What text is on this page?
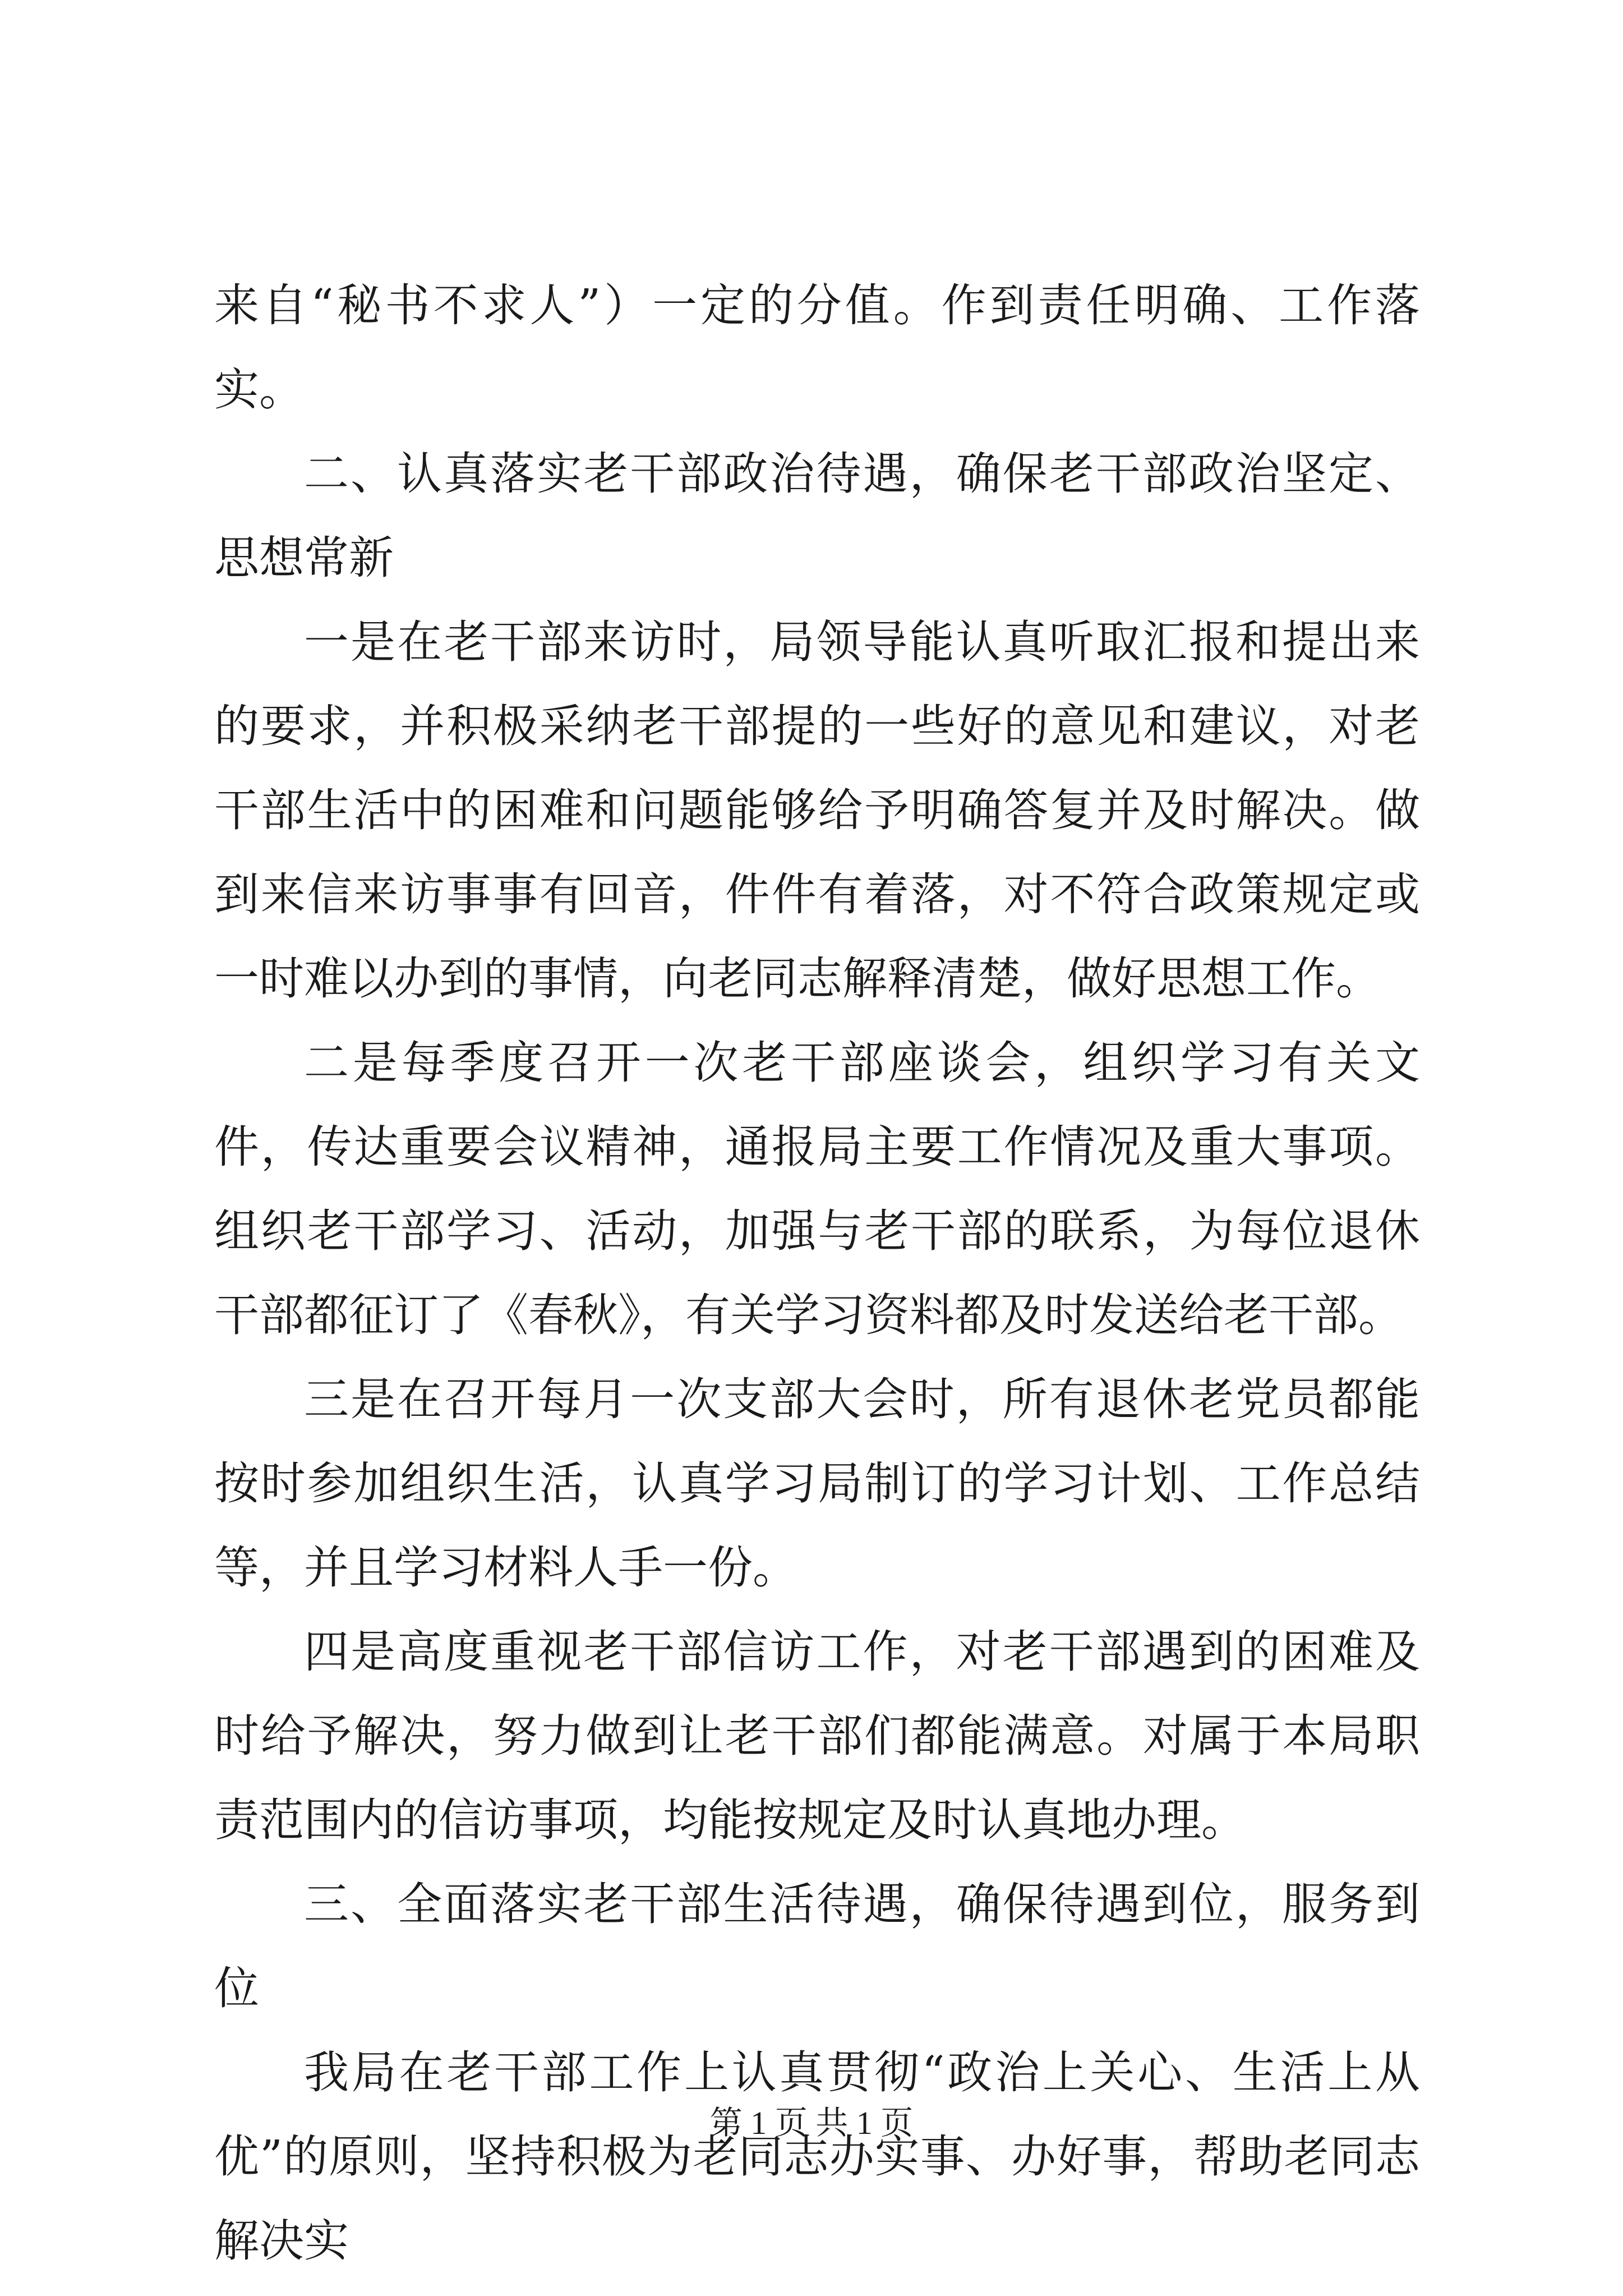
来自“秘书不求人”）一定的分值。作到责任明确、工作落实。

二、认真落实老干部政治待遇，确保老干部政治坚定、思想常新

一是在老干部来访时，局领导能认真听取汇报和提出来的要求，并积极采纳老干部提的一些好的意见和建议，对老干部生活中的困难和问题能够给予明确答复并及时解决。做到来信来访事事有回音，件件有着落，对不符合政策规定或一时难以办到的事情，向老同志解释清楚，做好思想工作。

二是每季度召开一次老干部座谈会，组织学习有关文件，传达重要会议精神，通报局主要工作情况及重大事项。组织老干部学习、活动，加强与老干部的联系，为每位退休干部都征订了《春秋》，有关学习资料都及时发送给老干部。

三是在召开每月一次支部大会时，所有退休老党员都能按时参加组织生活，认真学习局制订的学习计划、工作总结等，并且学习材料人手一份。

四是高度重视老干部信访工作，对老干部遇到的困难及时给予解决，努力做到让老干部们都能满意。对属于本局职责范围内的信访事项，均能按规定及时认真地办理。

三、全面落实老干部生活待遇，确保待遇到位，服务到位

我局在老干部工作上认真贯彻“政治上关心、生活上从优”的原则，坚持积极为老同志办实事、办好事，帮助老同志解决实

第 1 页 共 1 页
